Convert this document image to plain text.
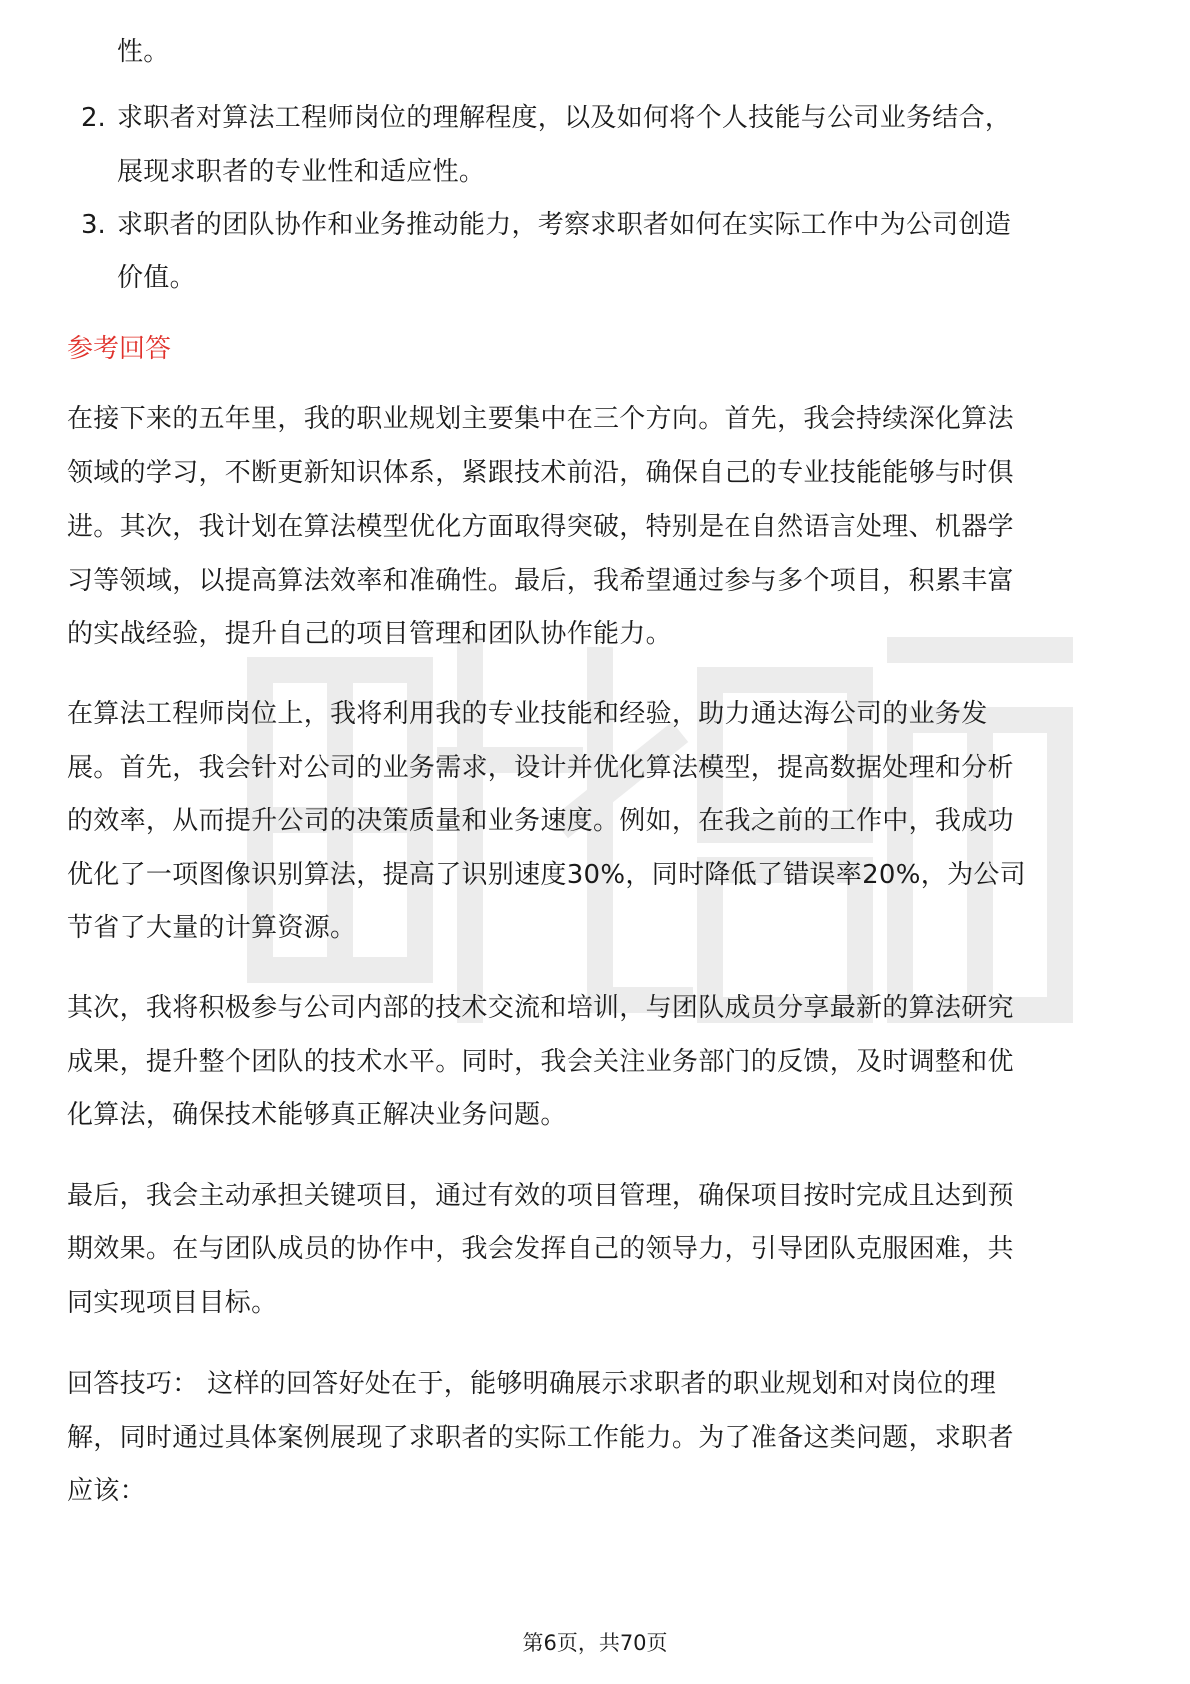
性。
2. 求职者对算法工程师岗位的理解程度，以及如何将个人技能与公司业务结合，
展现求职者的专业性和适应性。
3. 求职者的团队协作和业务推动能力，考察求职者如何在实际工作中为公司创造
价值。
参考回答
在接下来的五年里，我的职业规划主要集中在三个方向。首先，我会持续深化算法
领域的学习，不断更新知识体系，紧跟技术前沿，确保自己的专业技能能够与时俱
进。其次，我计划在算法模型优化方面取得突破，特别是在自然语言处理、机器学
习等领域，以提高算法效率和准确性。最后，我希望通过参与多个项目，积累丰富
的实战经验，提升自己的项目管理和团队协作能力。
在算法工程师岗位上，我将利用我的专业技能和经验，助力通达海公司的业务发
展。首先，我会针对公司的业务需求，设计并优化算法模型，提高数据处理和分析
的效率，从而提升公司的决策质量和业务速度。例如，在我之前的工作中，我成功
优化了一项图像识别算法，提高了识别速度30%，同时降低了错误率20%，为公司
节省了大量的计算资源。
其次，我将积极参与公司内部的技术交流和培训，与团队成员分享最新的算法研究
成果，提升整个团队的技术水平。同时，我会关注业务部门的反馈，及时调整和优
化算法，确保技术能够真正解决业务问题。
最后，我会主动承担关键项目，通过有效的项目管理，确保项目按时完成且达到预
期效果。在与团队成员的协作中，我会发挥自己的领导力，引导团队克服困难，共
同实现项目目标。
回答技巧： 这样的回答好处在于，能够明确展示求职者的职业规划和对岗位的理
解，同时通过具体案例展现了求职者的实际工作能力。为了准备这类问题，求职者
应该：
第6页，共70页
